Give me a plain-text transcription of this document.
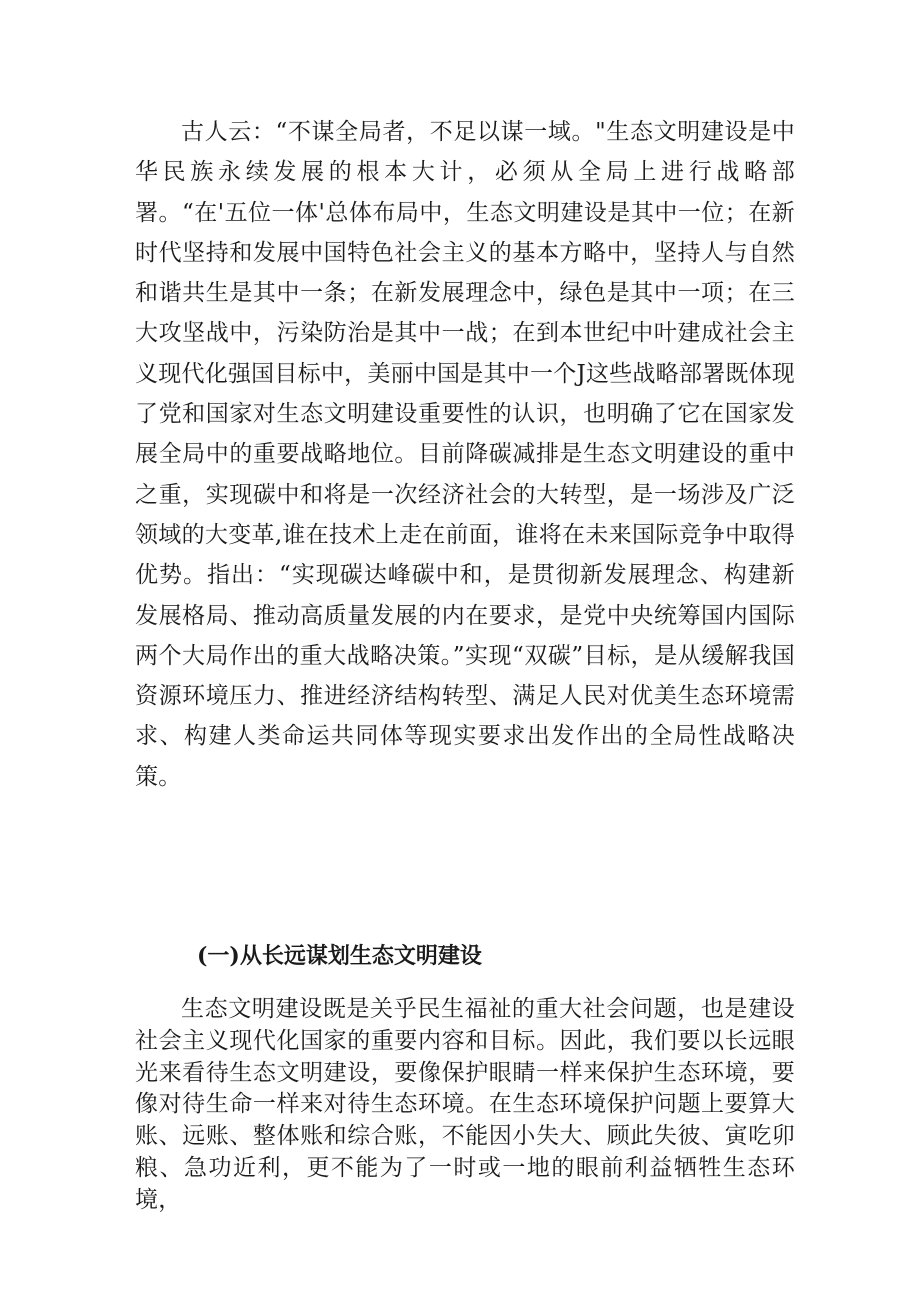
古人云：“不谋全局者，不足以谋一域。"生态文明建设是中华民族永续发展的根本大计，必须从全局上进行战略部署。“在'五位一体'总体布局中，生态文明建设是其中一位；在新时代坚持和发展中国特色社会主义的基本方略中，坚持人与自然和谐共生是其中一条；在新发展理念中，绿色是其中一项；在三大攻坚战中，污染防治是其中一战；在到本世纪中叶建成社会主义现代化强国目标中，美丽中国是其中一个J这些战略部署既体现了党和国家对生态文明建设重要性的认识，也明确了它在国家发展全局中的重要战略地位。目前降碳减排是生态文明建设的重中之重，实现碳中和将是一次经济社会的大转型，是一场涉及广泛领域的大变革,谁在技术上走在前面，谁将在未来国际竞争中取得优势。指出：“实现碳达峰碳中和，是贯彻新发展理念、构建新发展格局、推动高质量发展的内在要求，是党中央统筹国内国际两个大局作出的重大战略决策。”实现“双碳”目标，是从缓解我国资源环境压力、推进经济结构转型、满足人民对优美生态环境需求、构建人类命运共同体等现实要求出发作出的全局性战略决策。

(一)从长远谋划生态文明建设

生态文明建设既是关乎民生福祉的重大社会问题，也是建设社会主义现代化国家的重要内容和目标。因此，我们要以长远眼光来看待生态文明建设，要像保护眼睛一样来保护生态环境，要像对待生命一样来对待生态环境。在生态环境保护问题上要算大账、远账、整体账和综合账，不能因小失大、顾此失彼、寅吃卯粮、急功近利，更不能为了一时或一地的眼前利益牺牲生态环境，
